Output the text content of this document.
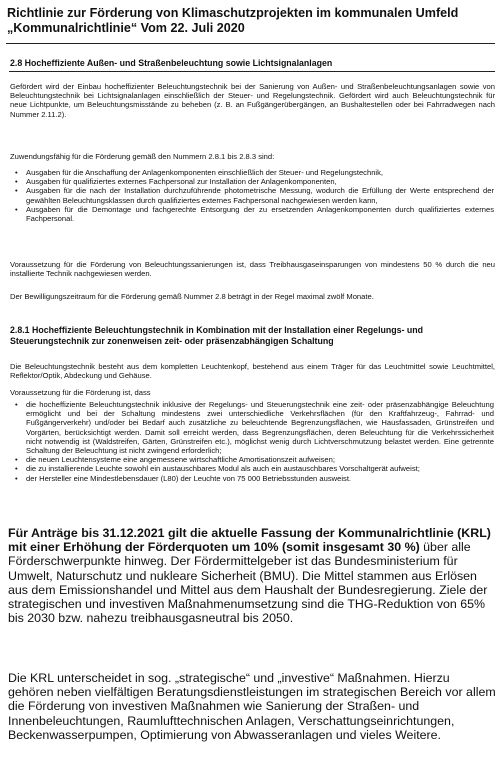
Richtlinie zur Förderung von Klimaschutzprojekten im kommunalen Umfeld
„Kommunalrichtlinie“ Vom 22. Juli 2020
2.8 Hocheffiziente Außen- und Straßenbeleuchtung sowie Lichtsignalanlagen
Gefördert wird der Einbau hocheffizienter Beleuchtungstechnik bei der Sanierung von Außen- und Straßenbeleuchtungsanlagen sowie von Beleuchtungstechnik bei Lichtsignalanlagen einschließlich der Steuer- und Regelungstechnik. Gefördert wird auch Beleuchtungstechnik für neue Lichtpunkte, um Beleuchtungsmisstände zu beheben (z. B. an Fußgängerübergängen, an Bushaltestellen oder bei Fahrradwegen nach Nummer 2.11.2).
Zuwendungsfähig für die Förderung gemäß den Nummern 2.8.1 bis 2.8.3 sind:
• Ausgaben für die Anschaffung der Anlagenkomponenten einschließlich der Steuer- und Regelungstechnik,
• Ausgaben für qualifiziertes externes Fachpersonal zur Installation der Anlagenkomponenten,
• Ausgaben für die nach der Installation durchzuführende photometrische Messung, wodurch die Erfüllung der Werte entsprechend der gewählten Beleuchtungsklassen durch qualifiziertes externes Fachpersonal nachgewiesen werden kann,
• Ausgaben für die Demontage und fachgerechte Entsorgung der zu ersetzenden Anlagenkomponenten durch qualifiziertes externes Fachpersonal.
Voraussetzung für die Förderung von Beleuchtungssanierungen ist, dass Treibhausgaseinsparungen von mindestens 50 % durch die neu installierte Technik nachgewiesen werden.
Der Bewilligungszeitraum für die Förderung gemäß Nummer 2.8 beträgt in der Regel maximal zwölf Monate.
2.8.1 Hocheffiziente Beleuchtungstechnik in Kombination mit der Installation einer Regelungs- und Steuerungstechnik zur zonenweisen zeit- oder präsenzabhängigen Schaltung
Die Beleuchtungstechnik besteht aus dem kompletten Leuchtenkopf, bestehend aus einem Träger für das Leuchtmittel sowie Leuchtmittel, Reflektor/Optik, Abdeckung und Gehäuse.
Voraussetzung für die Förderung ist, dass
• die hocheffiziente Beleuchtungstechnik inklusive der Regelungs- und Steuerungstechnik eine zeit- oder präsenzabhängige Beleuchtung ermöglicht und bei der Schaltung mindestens zwei unterschiedliche Verkehrsflächen (für den Kraftfahrzeug-, Fahrrad- und Fußgängerverkehr) und/oder bei Bedarf auch zusätzliche zu beleuchtende Begrenzungsflächen, wie Hausfassaden, Grünstreifen und Vorgärten, berücksichtigt werden. Damit soll erreicht werden, dass Begrenzungsflächen, deren Beleuchtung für die Verkehrssicherheit nicht notwendig ist (Waldstreifen, Gärten, Grünstreifen etc.), möglichst wenig durch Lichtverschmutzung belastet werden. Eine getrennte Schaltung der Beleuchtung ist nicht zwingend erforderlich;
• die neuen Leuchtensysteme eine angemessene wirtschaftliche Amortisationszeit aufweisen;
• die zu installierende Leuchte sowohl ein austauschbares Modul als auch ein austauschbares Vorschaltgerät aufweist;
• der Hersteller eine Mindestlebensdauer (L80) der Leuchte von 75 000 Betriebsstunden ausweist.
Für Anträge bis 31.12.2021 gilt die aktuelle Fassung der Kommunalrichtlinie (KRL) mit einer Erhöhung der Förderquoten um 10% (somit insgesamt 30 %) über alle Förderschwerpunkte hinweg. Der Fördermittelgeber ist das Bundesministerium für Umwelt, Naturschutz und nukleare Sicherheit (BMU). Die Mittel stammen aus Erlösen aus dem Emissionshandel und Mittel aus dem Haushalt der Bundesregierung. Ziele der strategischen und investiven Maßnahmenumsetzung sind die THG-Reduktion von 65% bis 2030 bzw. nahezu treibhausgasneutral bis 2050.
Die KRL unterscheidet in sog. „strategische“ und „investive“ Maßnahmen. Hierzu gehören neben vielfältigen Beratungsdienstleistungen im strategischen Bereich vor allem die Förderung von investiven Maßnahmen wie Sanierung der Straßen- und Innenbeleuchtungen, Raumlufttechnischen Anlagen, Verschattungseinrichtungen, Beckenwasserpumpen, Optimierung von Abwasseranlagen und vieles Weitere.
